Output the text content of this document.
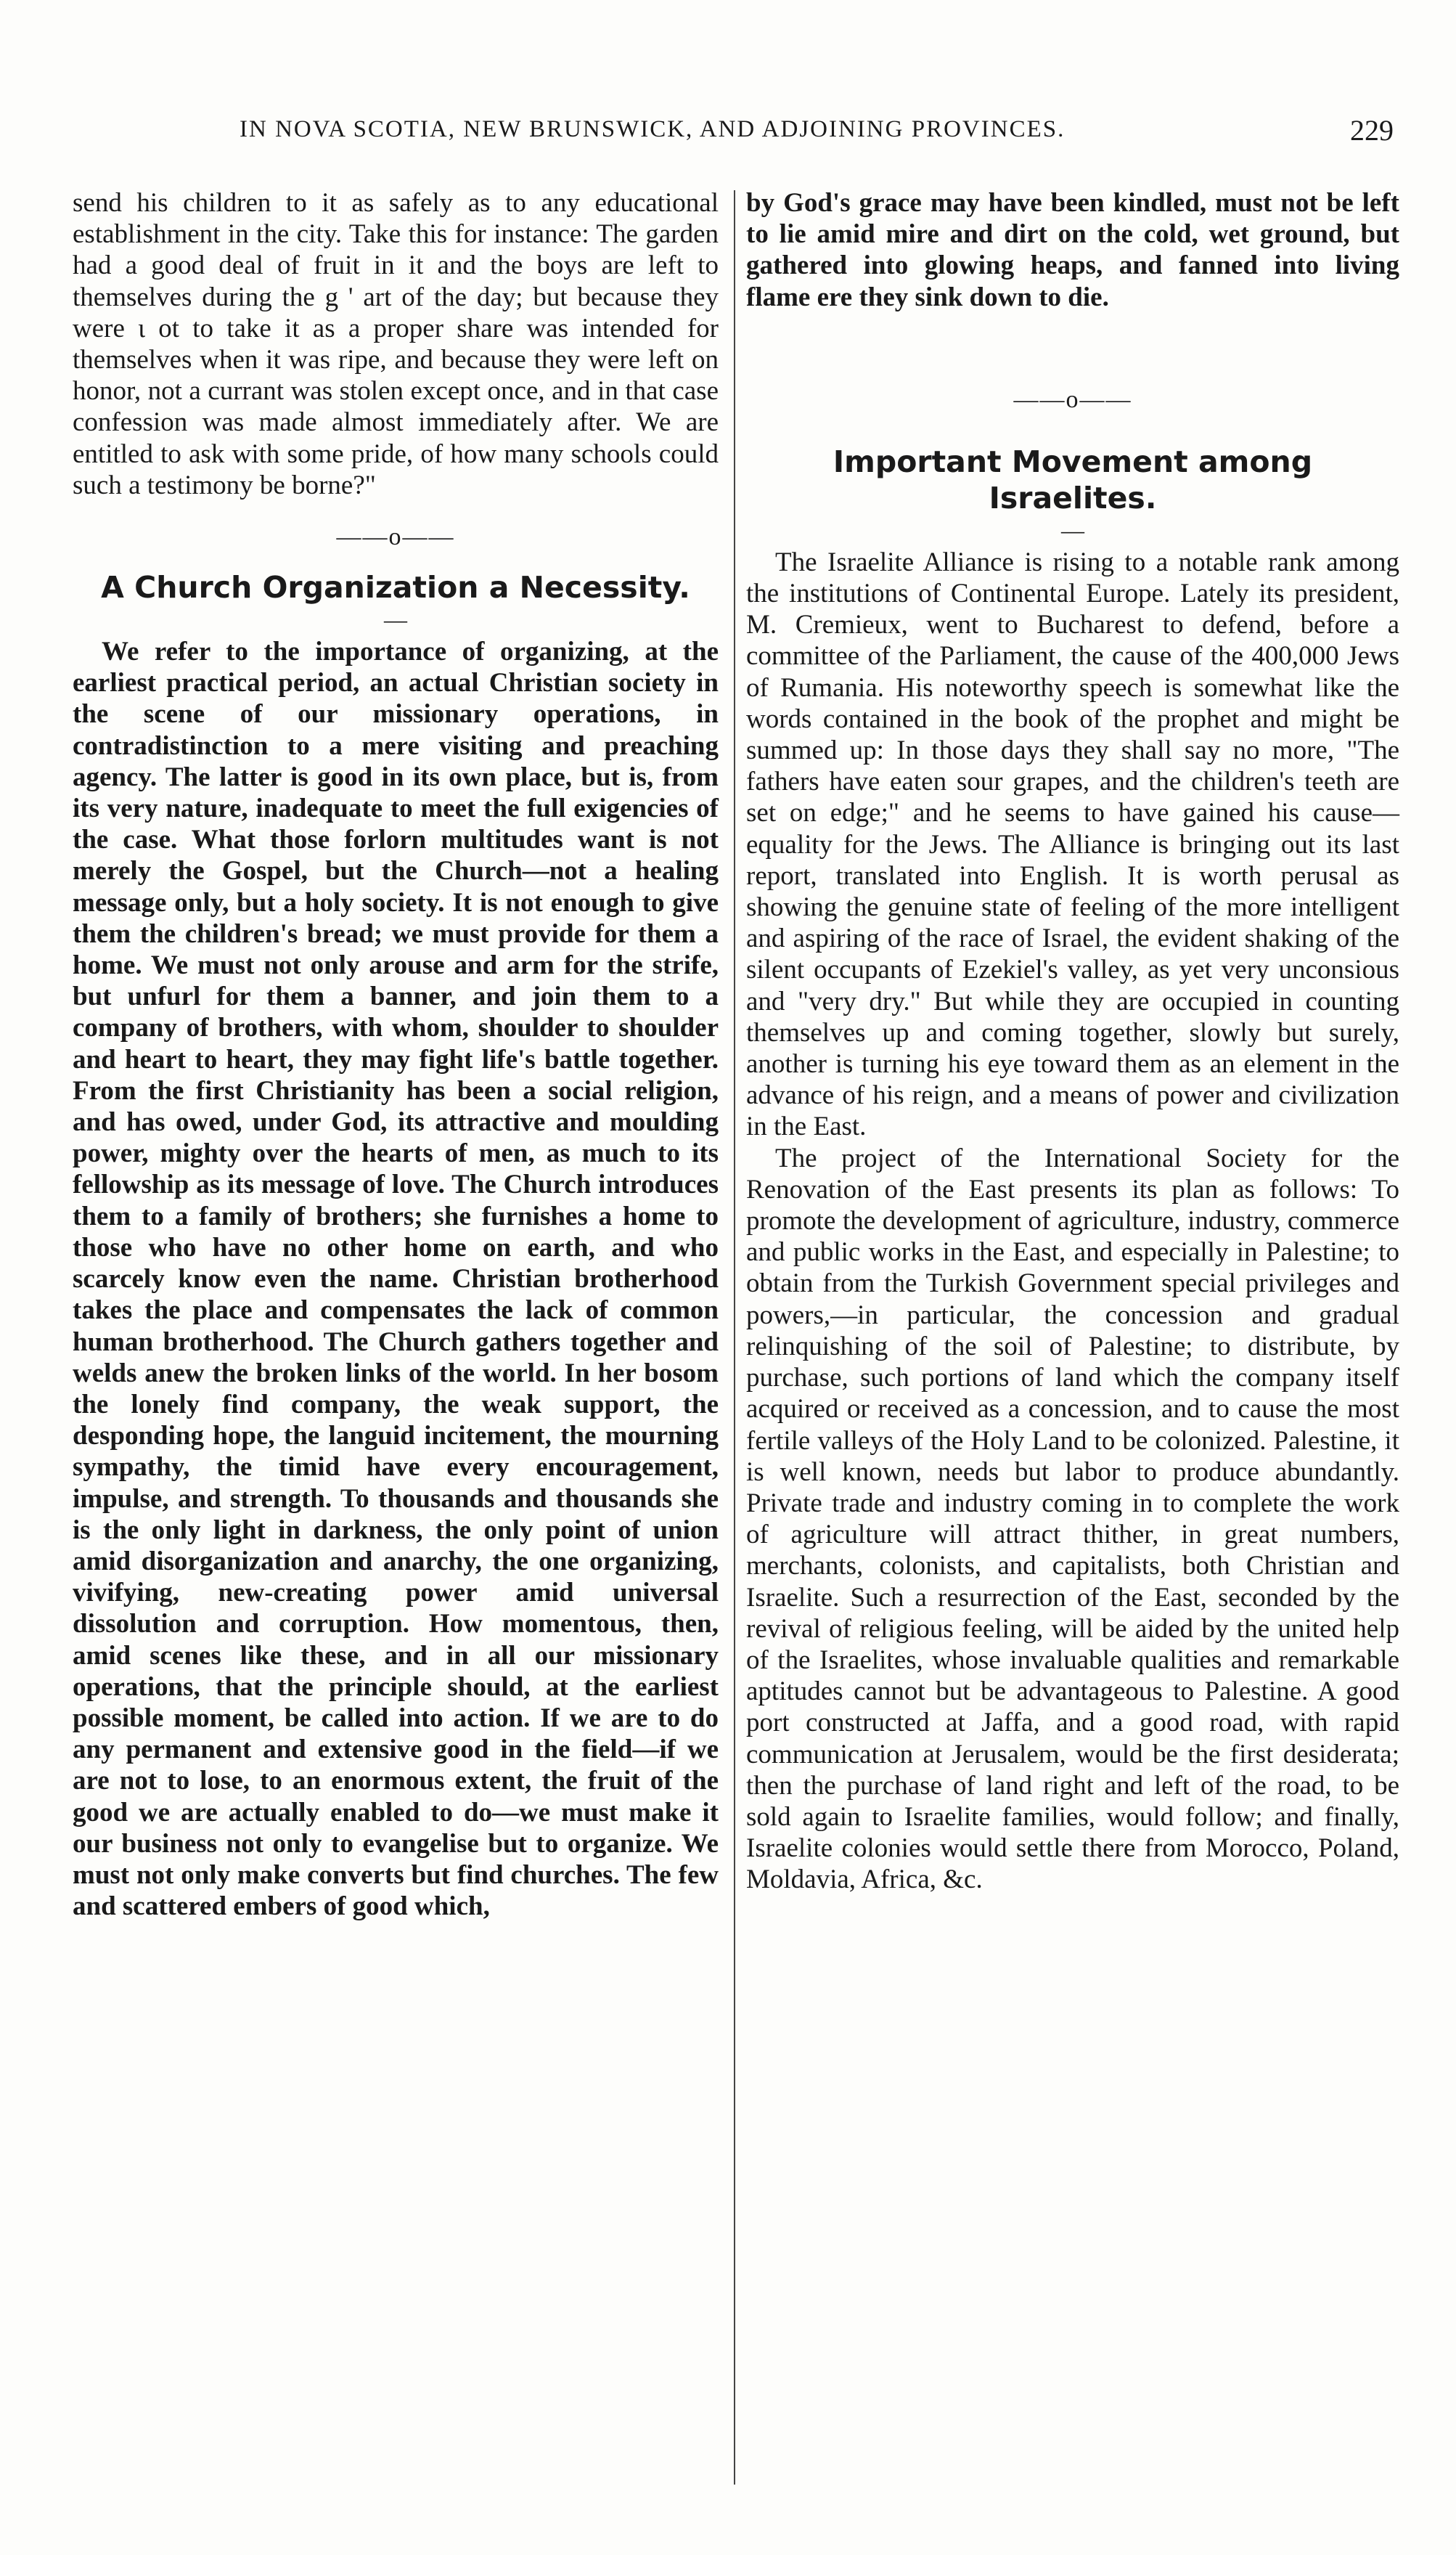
IN NOVA SCOTIA, NEW BRUNSWICK, AND ADJOINING PROVINCES.	229

send his children to it as safely as to any educational establishment in the city. Take this for instance: The garden had a good deal of fruit in it and the boys are left to themselves during the g ' art of the day; but because they were ι ot to take it as a proper share was intended for themselves when it was ripe, and because they were left on honor, not a currant was stolen except once, and in that case confession was made almost immediately after. We are entitled to ask with some pride, of how many schools could such a testimony be borne?"

——o——
A Church Organization a Necessity.
—

We refer to the importance of organizing, at the earliest practical period, an actual Christian society in the scene of our missionary operations, in contradistinction to a mere visiting and preaching agency. The latter is good in its own place, but is, from its very nature, inadequate to meet the full exigencies of the case. What those forlorn multitudes want is not merely the Gospel, but the Church—not a healing message only, but a holy society. It is not enough to give them the children's bread; we must provide for them a home. We must not only arouse and arm for the strife, but unfurl for them a banner, and join them to a company of brothers, with whom, shoulder to shoulder and heart to heart, they may fight life's battle together. From the first Christianity has been a social religion, and has owed, under God, its attractive and moulding power, mighty over the hearts of men, as much to its fellowship as its message of love. The Church introduces them to a family of brothers; she furnishes a home to those who have no other home on earth, and who scarcely know even the name. Christian brotherhood takes the place and compensates the lack of common human brotherhood. The Church gathers together and welds anew the broken links of the world. In her bosom the lonely find company, the weak support, the desponding hope, the languid incitement, the mourning sympathy, the timid have every encouragement, impulse, and strength. To thousands and thousands she is the only light in darkness, the only point of union amid disorganization and anarchy, the one organizing, vivifying, new-creating power amid universal dissolution and corruption. How momentous, then, amid scenes like these, and in all our missionary operations, that the principle should, at the earliest possible moment, be called into action. If we are to do any permanent and extensive good in the field—if we are not to lose, to an enormous extent, the fruit of the good we are actually enabled to do—we must make it our business not only to evangelise but to organize. We must not only make converts but find churches. The few and scattered embers of good which,

by God's grace may have been kindled, must not be left to lie amid mire and dirt on the cold, wet ground, but gathered into glowing heaps, and fanned into living flame ere they sink down to die.

——o——
Important Movement among Israelites.
—

The Israelite Alliance is rising to a notable rank among the institutions of Continental Europe. Lately its president, M. Cremieux, went to Bucharest to defend, before a committee of the Parliament, the cause of the 400,000 Jews of Rumania. His noteworthy speech is somewhat like the words contained in the book of the prophet and might be summed up: In those days they shall say no more, "The fathers have eaten sour grapes, and the children's teeth are set on edge;" and he seems to have gained his cause—equality for the Jews. The Alliance is bringing out its last report, translated into English. It is worth perusal as showing the genuine state of feeling of the more intelligent and aspiring of the race of Israel, the evident shaking of the silent occupants of Ezekiel's valley, as yet very unconsious and "very dry." But while they are occupied in counting themselves up and coming together, slowly but surely, another is turning his eye toward them as an element in the advance of his reign, and a means of power and civilization in the East.

The project of the International Society for the Renovation of the East presents its plan as follows: To promote the development of agriculture, industry, commerce and public works in the East, and especially in Palestine; to obtain from the Turkish Government special privileges and powers,—in particular, the concession and gradual relinquishing of the soil of Palestine; to distribute, by purchase, such portions of land which the company itself acquired or received as a concession, and to cause the most fertile valleys of the Holy Land to be colonized. Palestine, it is well known, needs but labor to produce abundantly. Private trade and industry coming in to complete the work of agriculture will attract thither, in great numbers, merchants, colonists, and capitalists, both Christian and Israelite. Such a resurrection of the East, seconded by the revival of religious feeling, will be aided by the united help of the Israelites, whose invaluable qualities and remarkable aptitudes cannot but be advantageous to Palestine. A good port constructed at Jaffa, and a good road, with rapid communication at Jerusalem, would be the first desiderata; then the purchase of land right and left of the road, to be sold again to Israelite families, would follow; and finally, Israelite colonies would settle there from Morocco, Poland, Moldavia, Africa, &c.
